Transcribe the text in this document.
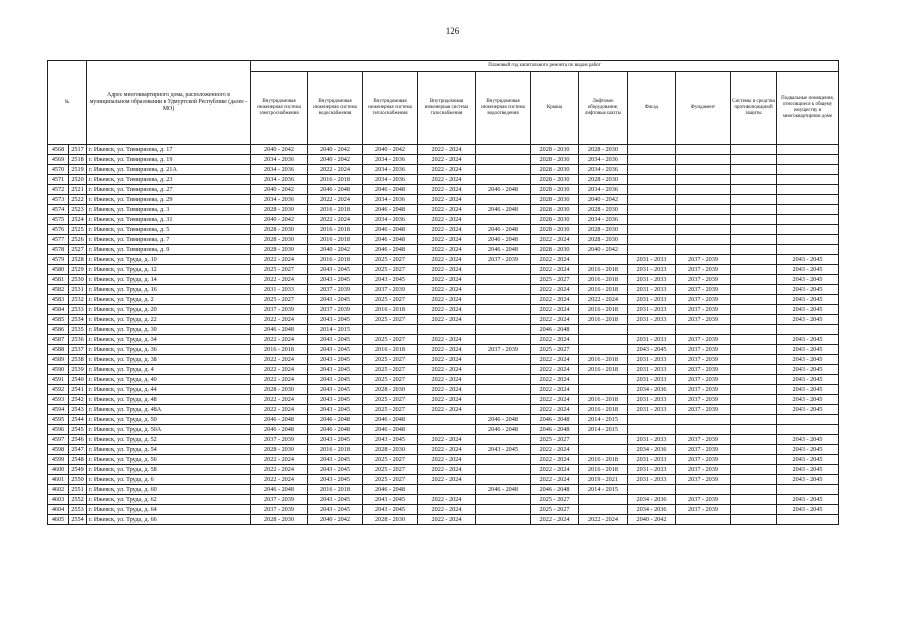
126
№		Адрес многоквартирного дома, расположенного в муниципальном образовании в Удмуртской Республике (далее - МО)	Плановый год капитального ремонта по видам работ										
			Внутридомовая инженерная система электроснабжения	Внутридомовая инженерная система водоснабжения	Внутридомовая инженерная система теплоснабжения	Внутридомовая инженерная система газоснабжения	Внутридомовая инженерная система водоотведения	Крыша	Лифтовое оборудование, лифтовые шахты	Фасад	Фундамент	Системы и средства противопожарной защиты	Подвальные помещения, относящиеся к общему имуществу в многоквартирном доме
4568	2517	г. Ижевск, ул. Тимирязева, д. 17	2040 - 2042	2040 - 2042	2040 - 2042	2022 - 2024		2028 - 2030	2028 - 2030				
4569	2518	г. Ижевск, ул. Тимирязева, д. 19	2034 - 2036	2040 - 2042	2034 - 2036	2022 - 2024		2028 - 2030	2034 - 2036				
4570	2519	г. Ижевск, ул. Тимирязева, д. 21А	2034 - 2036	2022 - 2024	2034 - 2036	2022 - 2024		2028 - 2030	2034 - 2036				
4571	2520	г. Ижевск, ул. Тимирязева, д. 23	2034 - 2036	2016 - 2018	2034 - 2036	2022 - 2024		2028 - 2030	2028 - 2030				
4572	2521	г. Ижевск, ул. Тимирязева, д. 27	2040 - 2042	2046 - 2048	2046 - 2048	2022 - 2024	2046 - 2048	2028 - 2030	2034 - 2036				
4573	2522	г. Ижевск, ул. Тимирязева, д. 29	2034 - 2036	2022 - 2024	2034 - 2036	2022 - 2024		2028 - 2030	2040 - 2042				
4574	2523	г. Ижевск, ул. Тимирязева, д. 3	2028 - 2030	2016 - 2018	2046 - 2048	2022 - 2024	2046 - 2048	2028 - 2030	2028 - 2030				
4575	2524	г. Ижевск, ул. Тимирязева, д. 31	2040 - 2042	2022 - 2024	2034 - 2036	2022 - 2024		2028 - 2030	2034 - 2036				
4576	2525	г. Ижевск, ул. Тимирязева, д. 5	2028 - 2030	2016 - 2018	2046 - 2048	2022 - 2024	2046 - 2048	2028 - 2030	2028 - 2030				
4577	2526	г. Ижевск, ул. Тимирязева, д. 7	2028 - 2030	2016 - 2018	2046 - 2048	2022 - 2024	2046 - 2048	2022 - 2024	2028 - 2030				
4578	2527	г. Ижевск, ул. Тимирязева, д. 9	2028 - 2030	2040 - 2042	2046 - 2048	2022 - 2024	2046 - 2048	2028 - 2030	2040 - 2042				
4579	2528	г. Ижевск, ул. Труда, д. 10	2022 - 2024	2016 - 2018	2025 - 2027	2022 - 2024	2037 - 2039	2022 - 2024		2031 - 2033	2037 - 2039		2043 - 2045
4580	2529	г. Ижевск, ул. Труда, д. 12	2025 - 2027	2043 - 2045	2025 - 2027	2022 - 2024		2022 - 2024	2016 - 2018	2031 - 2033	2037 - 2039		2043 - 2045
4581	2530	г. Ижевск, ул. Труда, д. 14	2022 - 2024	2043 - 2045	2043 - 2045	2022 - 2024		2025 - 2027	2016 - 2018	2031 - 2033	2037 - 2039		2043 - 2045
4582	2531	г. Ижевск, ул. Труда, д. 16	2031 - 2033	2037 - 2039	2037 - 2039	2022 - 2024		2022 - 2024	2016 - 2018	2031 - 2033	2037 - 2039		2043 - 2045
4583	2532	г. Ижевск, ул. Труда, д. 2	2025 - 2027	2043 - 2045	2025 - 2027	2022 - 2024		2022 - 2024	2022 - 2024	2031 - 2033	2037 - 2039		2043 - 2045
4584	2533	г. Ижевск, ул. Труда, д. 20	2037 - 2039	2037 - 2039	2016 - 2018	2022 - 2024		2022 - 2024	2016 - 2018	2031 - 2033	2037 - 2039		2043 - 2045
4585	2534	г. Ижевск, ул. Труда, д. 22	2022 - 2024	2043 - 2045	2025 - 2027	2022 - 2024		2022 - 2024	2016 - 2018	2031 - 2033	2037 - 2039		2043 - 2045
4586	2535	г. Ижевск, ул. Труда, д. 30	2046 - 2048	2014 - 2015				2046 - 2048					
4587	2536	г. Ижевск, ул. Труда, д. 34	2022 - 2024	2043 - 2045	2025 - 2027	2022 - 2024		2022 - 2024		2031 - 2033	2037 - 2039		2043 - 2045
4588	2537	г. Ижевск, ул. Труда, д. 36	2016 - 2018	2043 - 2045	2016 - 2018	2022 - 2024	2037 - 2039	2025 - 2027		2043 - 2045	2037 - 2039		2043 - 2045
4589	2538	г. Ижевск, ул. Труда, д. 38	2022 - 2024	2043 - 2045	2025 - 2027	2022 - 2024		2022 - 2024	2016 - 2018	2031 - 2033	2037 - 2039		2043 - 2045
4590	2539	г. Ижевск, ул. Труда, д. 4	2022 - 2024	2043 - 2045	2025 - 2027	2022 - 2024		2022 - 2024	2016 - 2018	2031 - 2033	2037 - 2039		2043 - 2045
4591	2540	г. Ижевск, ул. Труда, д. 40	2022 - 2024	2043 - 2045	2025 - 2027	2022 - 2024		2022 - 2024		2031 - 2033	2037 - 2039		2043 - 2045
4592	2541	г. Ижевск, ул. Труда, д. 44	2028 - 2030	2043 - 2045	2028 - 2030	2022 - 2024		2022 - 2024		2034 - 2036	2037 - 2039		2043 - 2045
4593	2542	г. Ижевск, ул. Труда, д. 48	2022 - 2024	2043 - 2045	2025 - 2027	2022 - 2024		2022 - 2024	2016 - 2018	2031 - 2033	2037 - 2039		2043 - 2045
4594	2543	г. Ижевск, ул. Труда, д. 48А	2022 - 2024	2043 - 2045	2025 - 2027	2022 - 2024		2022 - 2024	2016 - 2018	2031 - 2033	2037 - 2039		2043 - 2045
4595	2544	г. Ижевск, ул. Труда, д. 50	2046 - 2048	2046 - 2048	2046 - 2048		2046 - 2048	2046 - 2048	2014 - 2015				
4596	2545	г. Ижевск, ул. Труда, д. 50А	2046 - 2048	2046 - 2048	2046 - 2048		2046 - 2048	2046 - 2048	2014 - 2015				
4597	2546	г. Ижевск, ул. Труда, д. 52	2037 - 2039	2043 - 2045	2043 - 2045	2022 - 2024		2025 - 2027		2031 - 2033	2037 - 2039		2043 - 2045
4598	2547	г. Ижевск, ул. Труда, д. 54	2028 - 2030	2016 - 2018	2028 - 2030	2022 - 2024	2043 - 2045	2022 - 2024		2034 - 2036	2037 - 2039		2043 - 2045
4599	2548	г. Ижевск, ул. Труда, д. 56	2022 - 2024	2043 - 2045	2025 - 2027	2022 - 2024		2022 - 2024	2016 - 2018	2031 - 2033	2037 - 2039		2043 - 2045
4600	2549	г. Ижевск, ул. Труда, д. 58	2022 - 2024	2043 - 2045	2025 - 2027	2022 - 2024		2022 - 2024	2016 - 2018	2031 - 2033	2037 - 2039		2043 - 2045
4601	2550	г. Ижевск, ул. Труда, д. 6	2022 - 2024	2043 - 2045	2025 - 2027	2022 - 2024		2022 - 2024	2019 - 2021	2031 - 2033	2037 - 2039		2043 - 2045
4602	2551	г. Ижевск, ул. Труда, д. 60	2046 - 2048	2016 - 2018	2046 - 2048		2046 - 2048	2046 - 2048	2014 - 2015				
4603	2552	г. Ижевск, ул. Труда, д. 62	2037 - 2039	2043 - 2045	2043 - 2045	2022 - 2024		2025 - 2027		2034 - 2036	2037 - 2039		2043 - 2045
4604	2553	г. Ижевск, ул. Труда, д. 64	2037 - 2039	2043 - 2045	2043 - 2045	2022 - 2024		2025 - 2027		2034 - 2036	2037 - 2039		2043 - 2045
4605	2554	г. Ижевск, ул. Труда, д. 66	2028 - 2030	2040 - 2042	2028 - 2030	2022 - 2024		2022 - 2024	2022 - 2024	2040 - 2042			
